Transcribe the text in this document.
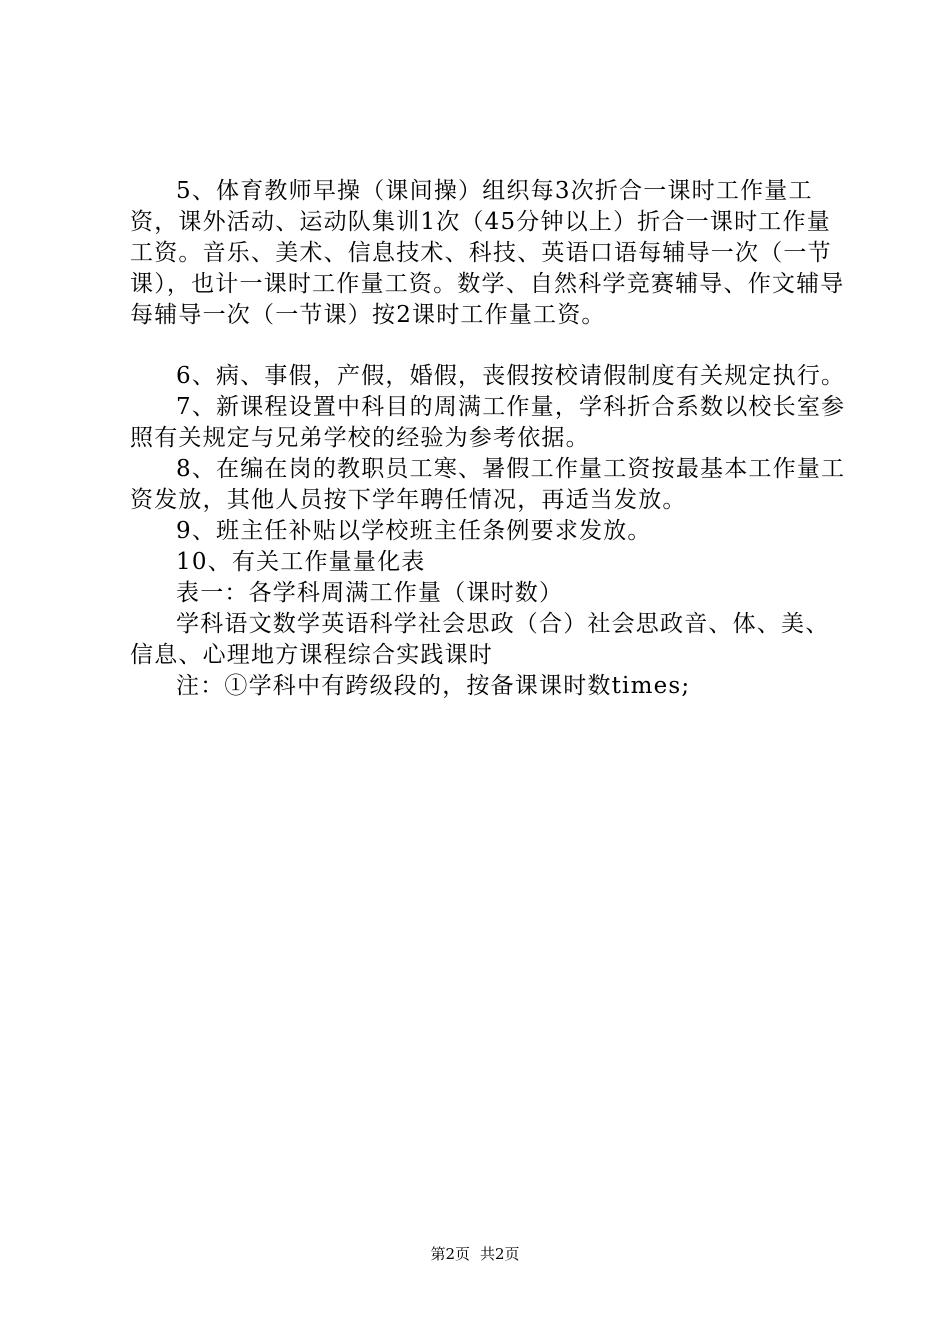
5、体育教师早操（课间操）组织每3次折合一课时工作量工资，课外活动、运动队集训1次（45分钟以上）折合一课时工作量工资。音乐、美术、信息技术、科技、英语口语每辅导一次（一节课），也计一课时工作量工资。数学、自然科学竞赛辅导、作文辅导每辅导一次（一节课）按2课时工作量工资。

6、病、事假，产假，婚假，丧假按校请假制度有关规定执行。

7、新课程设置中科目的周满工作量，学科折合系数以校长室参照有关规定与兄弟学校的经验为参考依据。

8、在编在岗的教职员工寒、暑假工作量工资按最基本工作量工资发放，其他人员按下学年聘任情况，再适当发放。

9、班主任补贴以学校班主任条例要求发放。

10、有关工作量量化表

表一：各学科周满工作量（课时数）

学科语文数学英语科学社会思政（合）社会思政音、体、美、信息、心理地方课程综合实践课时

注：①学科中有跨级段的，按备课课时数times;

第2页 共2页
